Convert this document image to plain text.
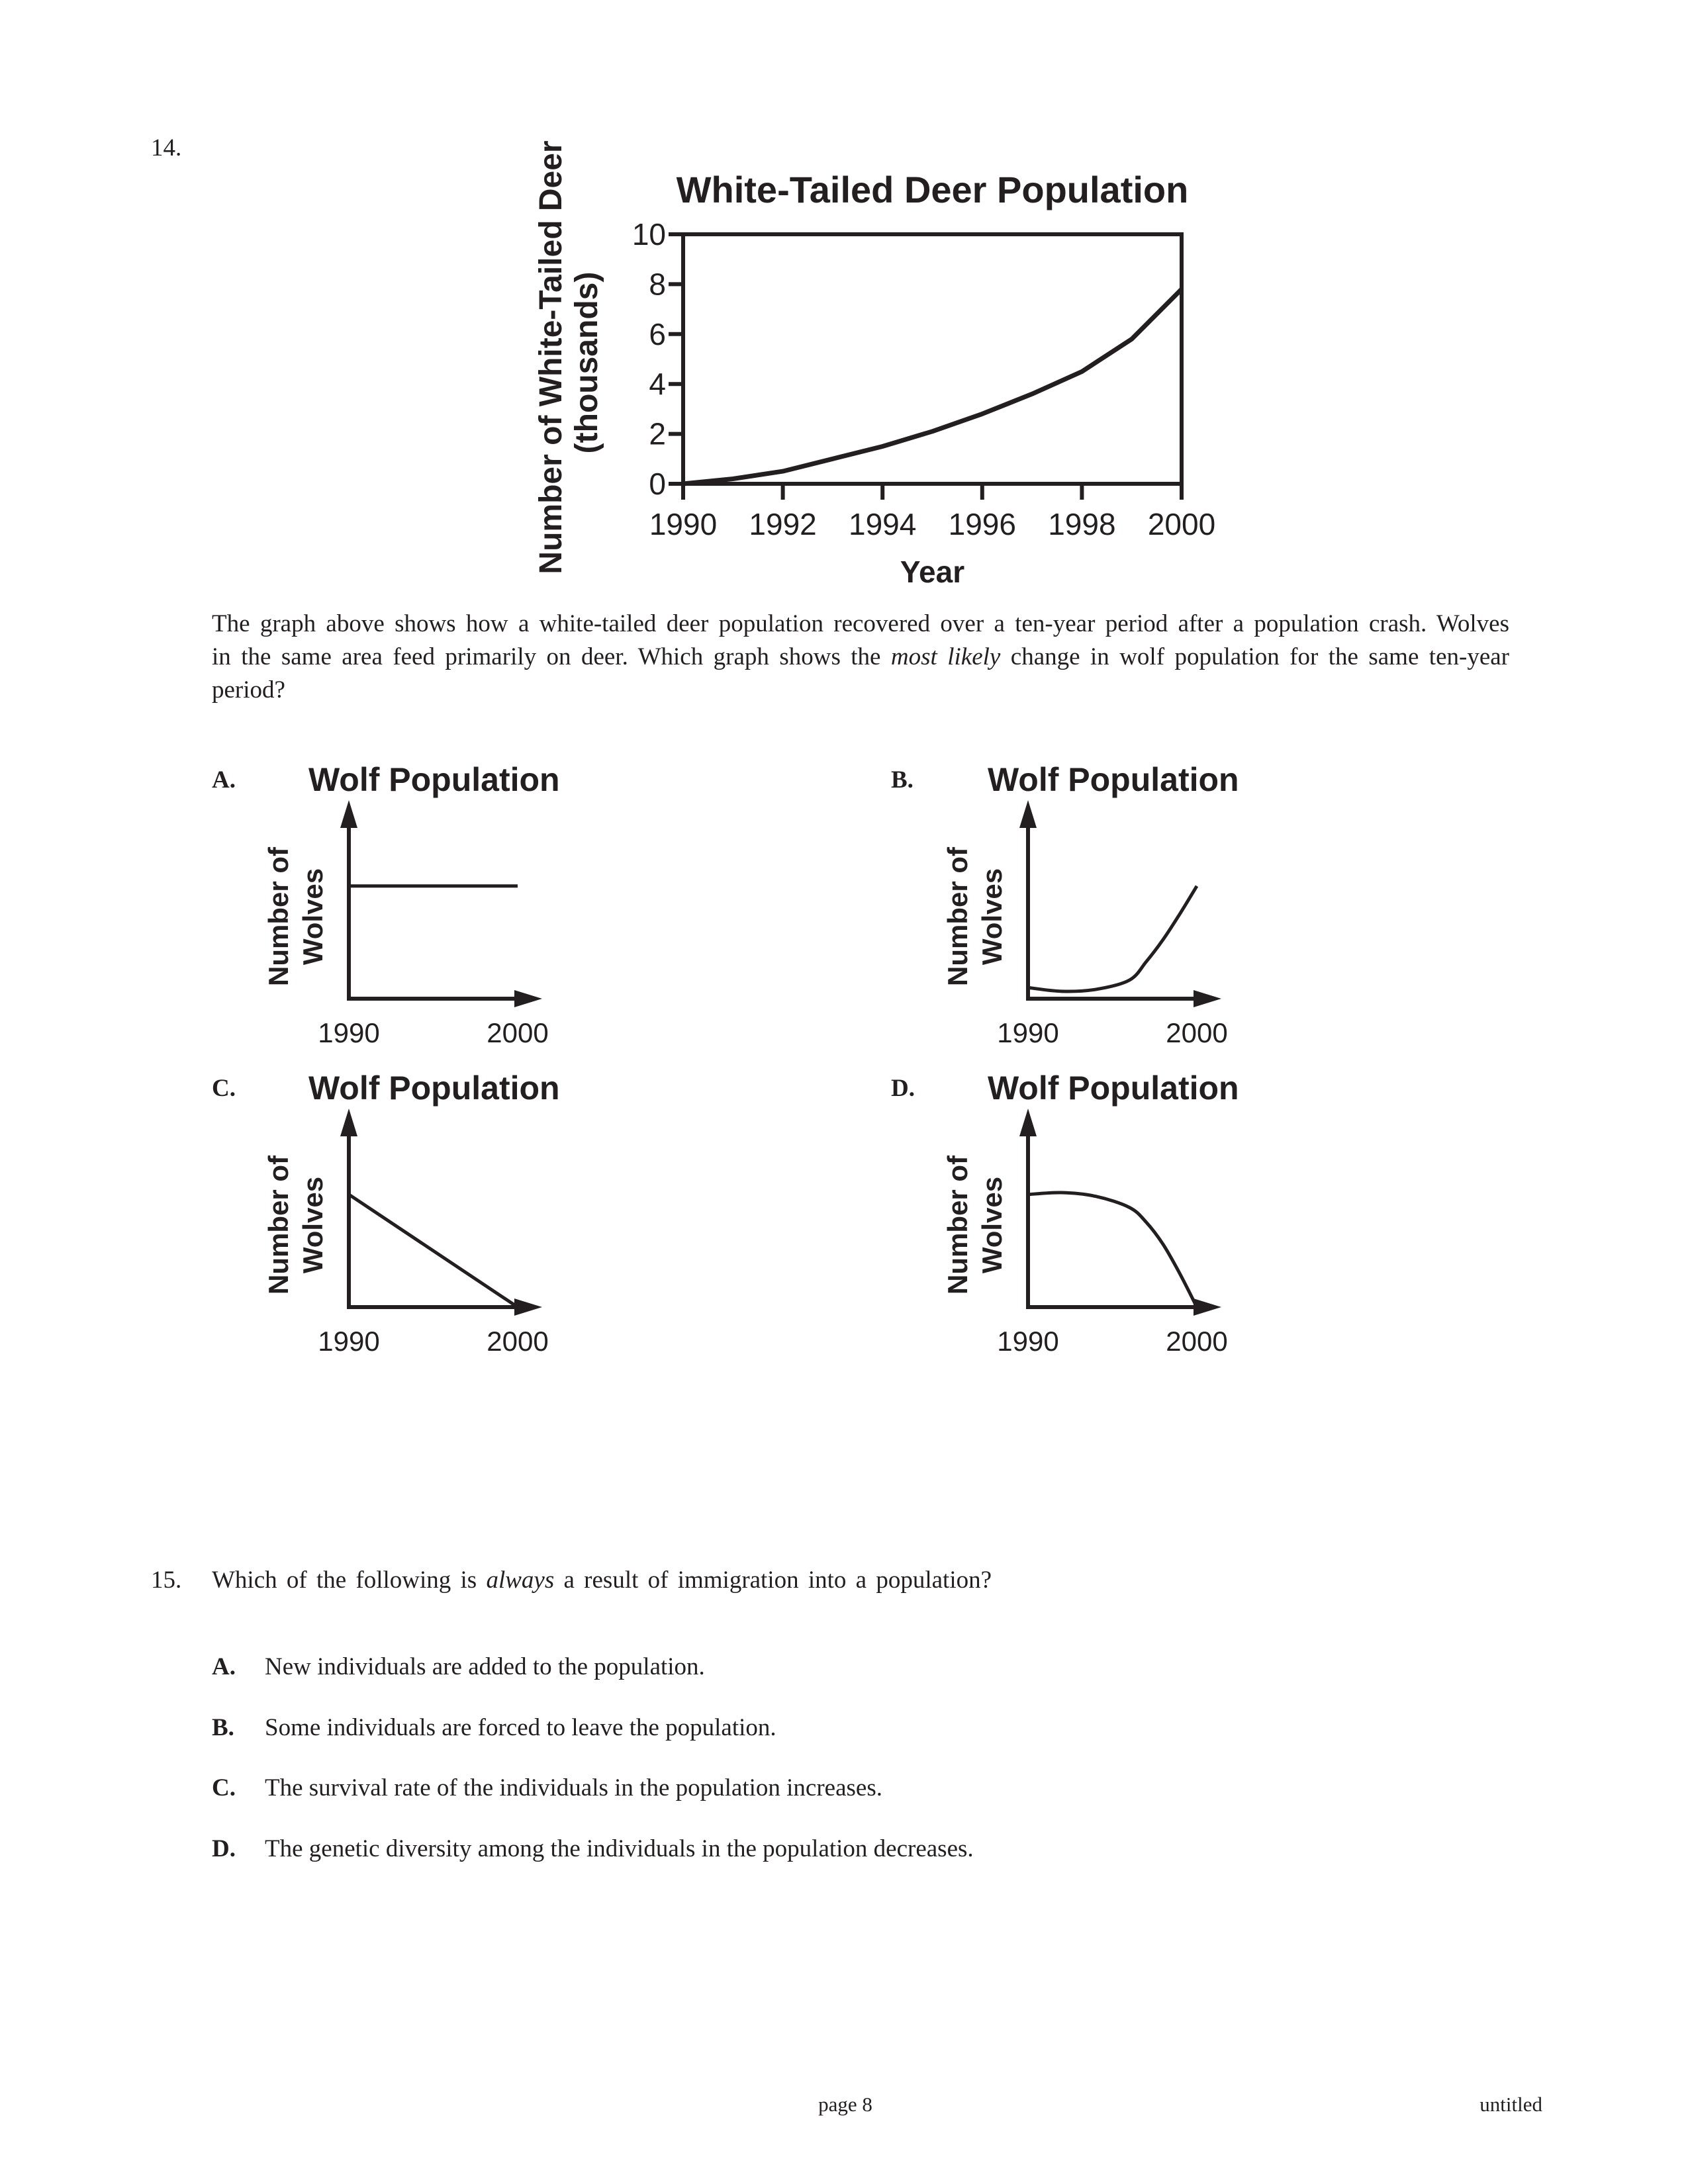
14.
White-Tailed Deer Population
0
2
4
6
8
10
1990 1992 1994 1996 1998 2000
Year
Number of White-Tailed Deer (thousands)
A. Wolf Population
1990	2000
Number of Wolves
B. Wolf Population
1990	2000
Number of Wolves
C. Wolf Population
1990	2000
Number of Wolves
D. Wolf Population
1990	2000
Number of Wolves
The graph above shows how a white-tailed deer population recovered over a ten-year period after a population crash. Wolves in the same area feed primarily on deer. Which graph shows the most likely change in wolf population for the same ten-year period?
15. Which of the following is always a result of immigration into a population?
A. New individuals are added to the population.
B. Some individuals are forced to leave the population.
C. The survival rate of the individuals in the population increases.
D. The genetic diversity among the individuals in the population decreases.
page 8	untitled
